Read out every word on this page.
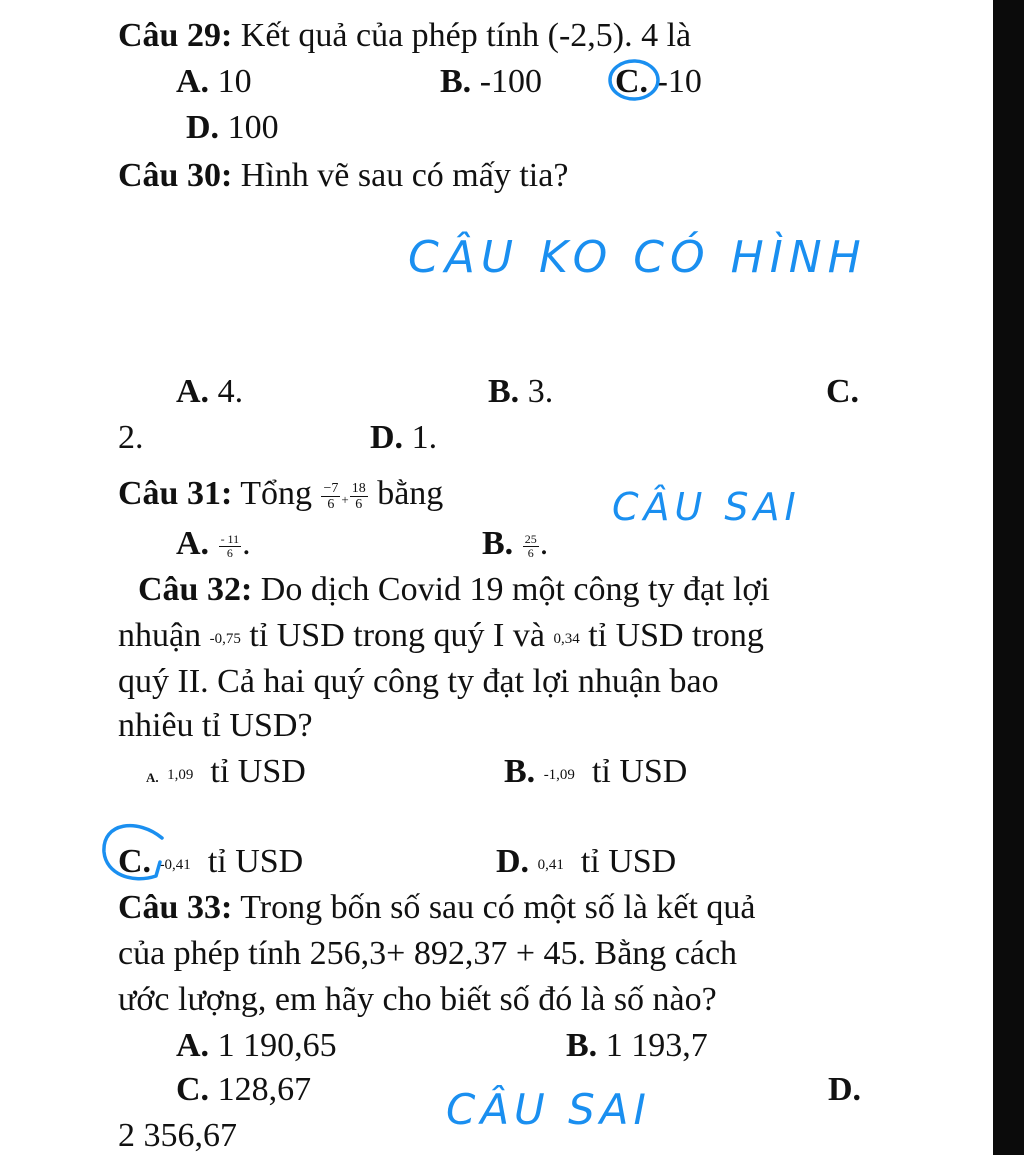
Câu 29: Kết quả của phép tính (-2,5). 4 là
A. 10	B. -100 C. -10
D. 100
Câu 30: Hình vẽ sau có mấy tia?
A. 4.	B. 3.	C.
2.	D. 1.
Câu 31: Tổng $\frac{-7}{6} + \frac{18}{6}$ bằng
A. $\frac{- 11}{6}$ .	B. $\frac{25}{6}$ .
Câu 32: Do dịch Covid 19 một công ty đạt lợi
nhuận -0,75 tỉ USD trong quý I và 0,34 tỉ USD trong
quý II. Cả hai quý công ty đạt lợi nhuận bao
nhiêu tỉ USD?
A. 1,09 tỉ USD	B. -1,09 tỉ USD
C. -0,41 tỉ USD	D. 0,41 tỉ USD
Câu 33: Trong bốn số sau có một số là kết quả
của phép tính 256,3+ 892,37 + 45. Bằng cách
ước lượng, em hãy cho biết số đó là số nào?
A. 1 190,65	B. 1 193,7
C. 128,67	D.
2 356,67
CÂU KO CÓ HÌNH
CÂU SAI
CÂU SAI
